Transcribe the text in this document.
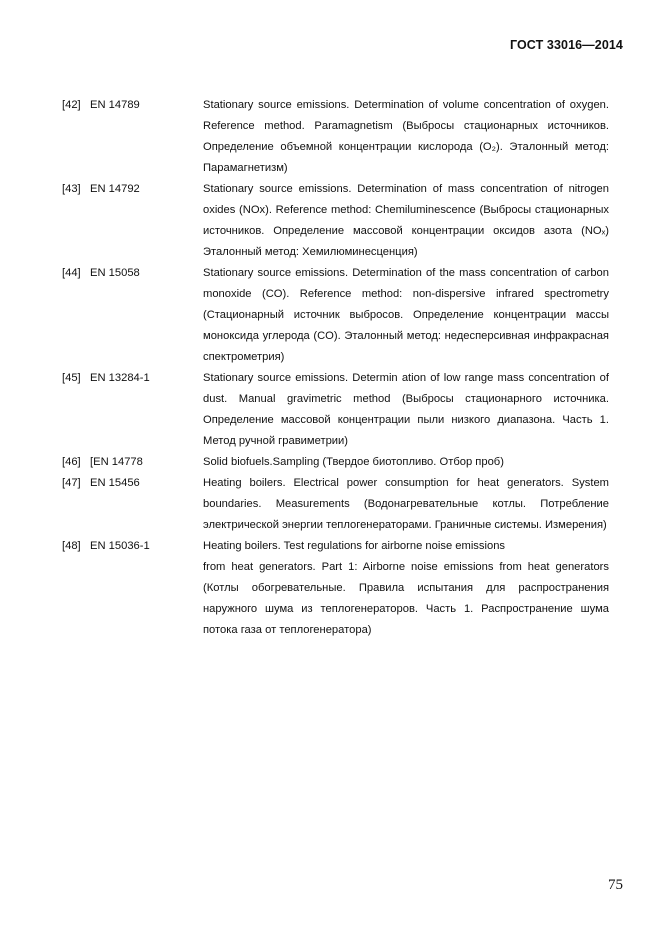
ГОСТ 33016—2014
[42] EN 14789	Stationary source emissions. Determination of volume concentration of oxygen. Reference method. Paramagnetism (Выбросы стационарных источников. Определение объемной концентрации кислорода (O₂). Эталонный метод: Парамагнетизм)
[43] EN 14792	Stationary source emissions. Determination of mass concentration of nitrogen oxides (NOx). Reference method: Chemiluminescence (Выбросы стационарных источников. Определение массовой концентрации оксидов азота (NOₓ) Эталонный метод: Хемилюминесценция)
[44] EN 15058	Stationary source emissions. Determination of the mass concentration of carbon monoxide (CO). Reference method: non-dispersive infrared spectrometry (Стационарный источник выбросов. Определение концентрации массы моноксида углерода (CO). Эталонный метод: недесперсивная инфракрасная спектрометрия)
[45] EN 13284-1	Stationary source emissions. Determin ation of low range mass concentration of dust. Manual gravimetric method (Выбросы стационарного источника. Определение массовой концентрации пыли низкого диапазона. Часть 1. Метод ручной гравиметрии)
[46] [EN 14778	Solid biofuels.Sampling (Твердое биотопливо. Отбор проб)
[47] EN 15456	Heating boilers. Electrical power consumption for heat generators. System boundaries. Measurements (Водонагревательные котлы. Потребление электрической энергии теплогенераторами. Граничные системы. Измерения)
[48] EN 15036-1	Heating boilers. Test regulations for airborne noise emissions
from heat generators. Part 1: Airborne noise emissions from heat generators (Котлы обогревательные. Правила испытания для распространения наружного шума из теплогенераторов. Часть 1. Распространение шума потока газа от теплогенератора)
75
